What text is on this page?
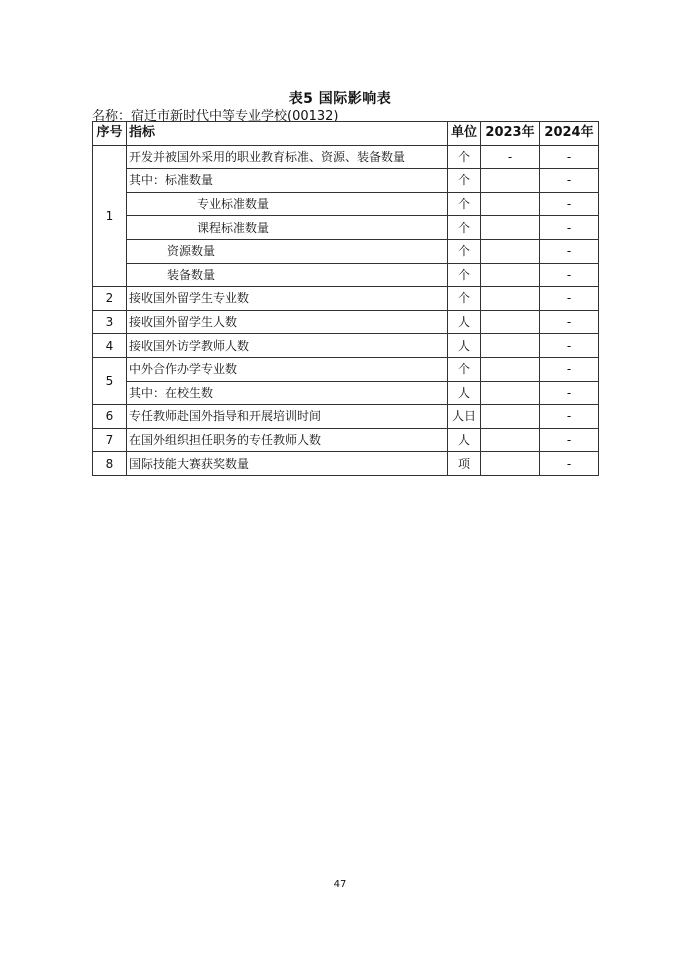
表5 国际影响表
名称：宿迁市新时代中等专业学校(00132)
序号	指标	单位	2023年	2024年
1	开发并被国外采用的职业教育标准、资源、装备数量	个	-	-
	其中：标准数量	个		-
	专业标准数量	个		-
	课程标准数量	个		-
	资源数量	个		-
	装备数量	个		-
2	接收国外留学生专业数	个		-
3	接收国外留学生人数	人		-
4	接收国外访学教师人数	人		-
5	中外合作办学专业数	个		-
	其中：在校生数	人		-
6	专任教师赴国外指导和开展培训时间	人日		-
7	在国外组织担任职务的专任教师人数	人		-
8	国际技能大赛获奖数量	项		-
47
